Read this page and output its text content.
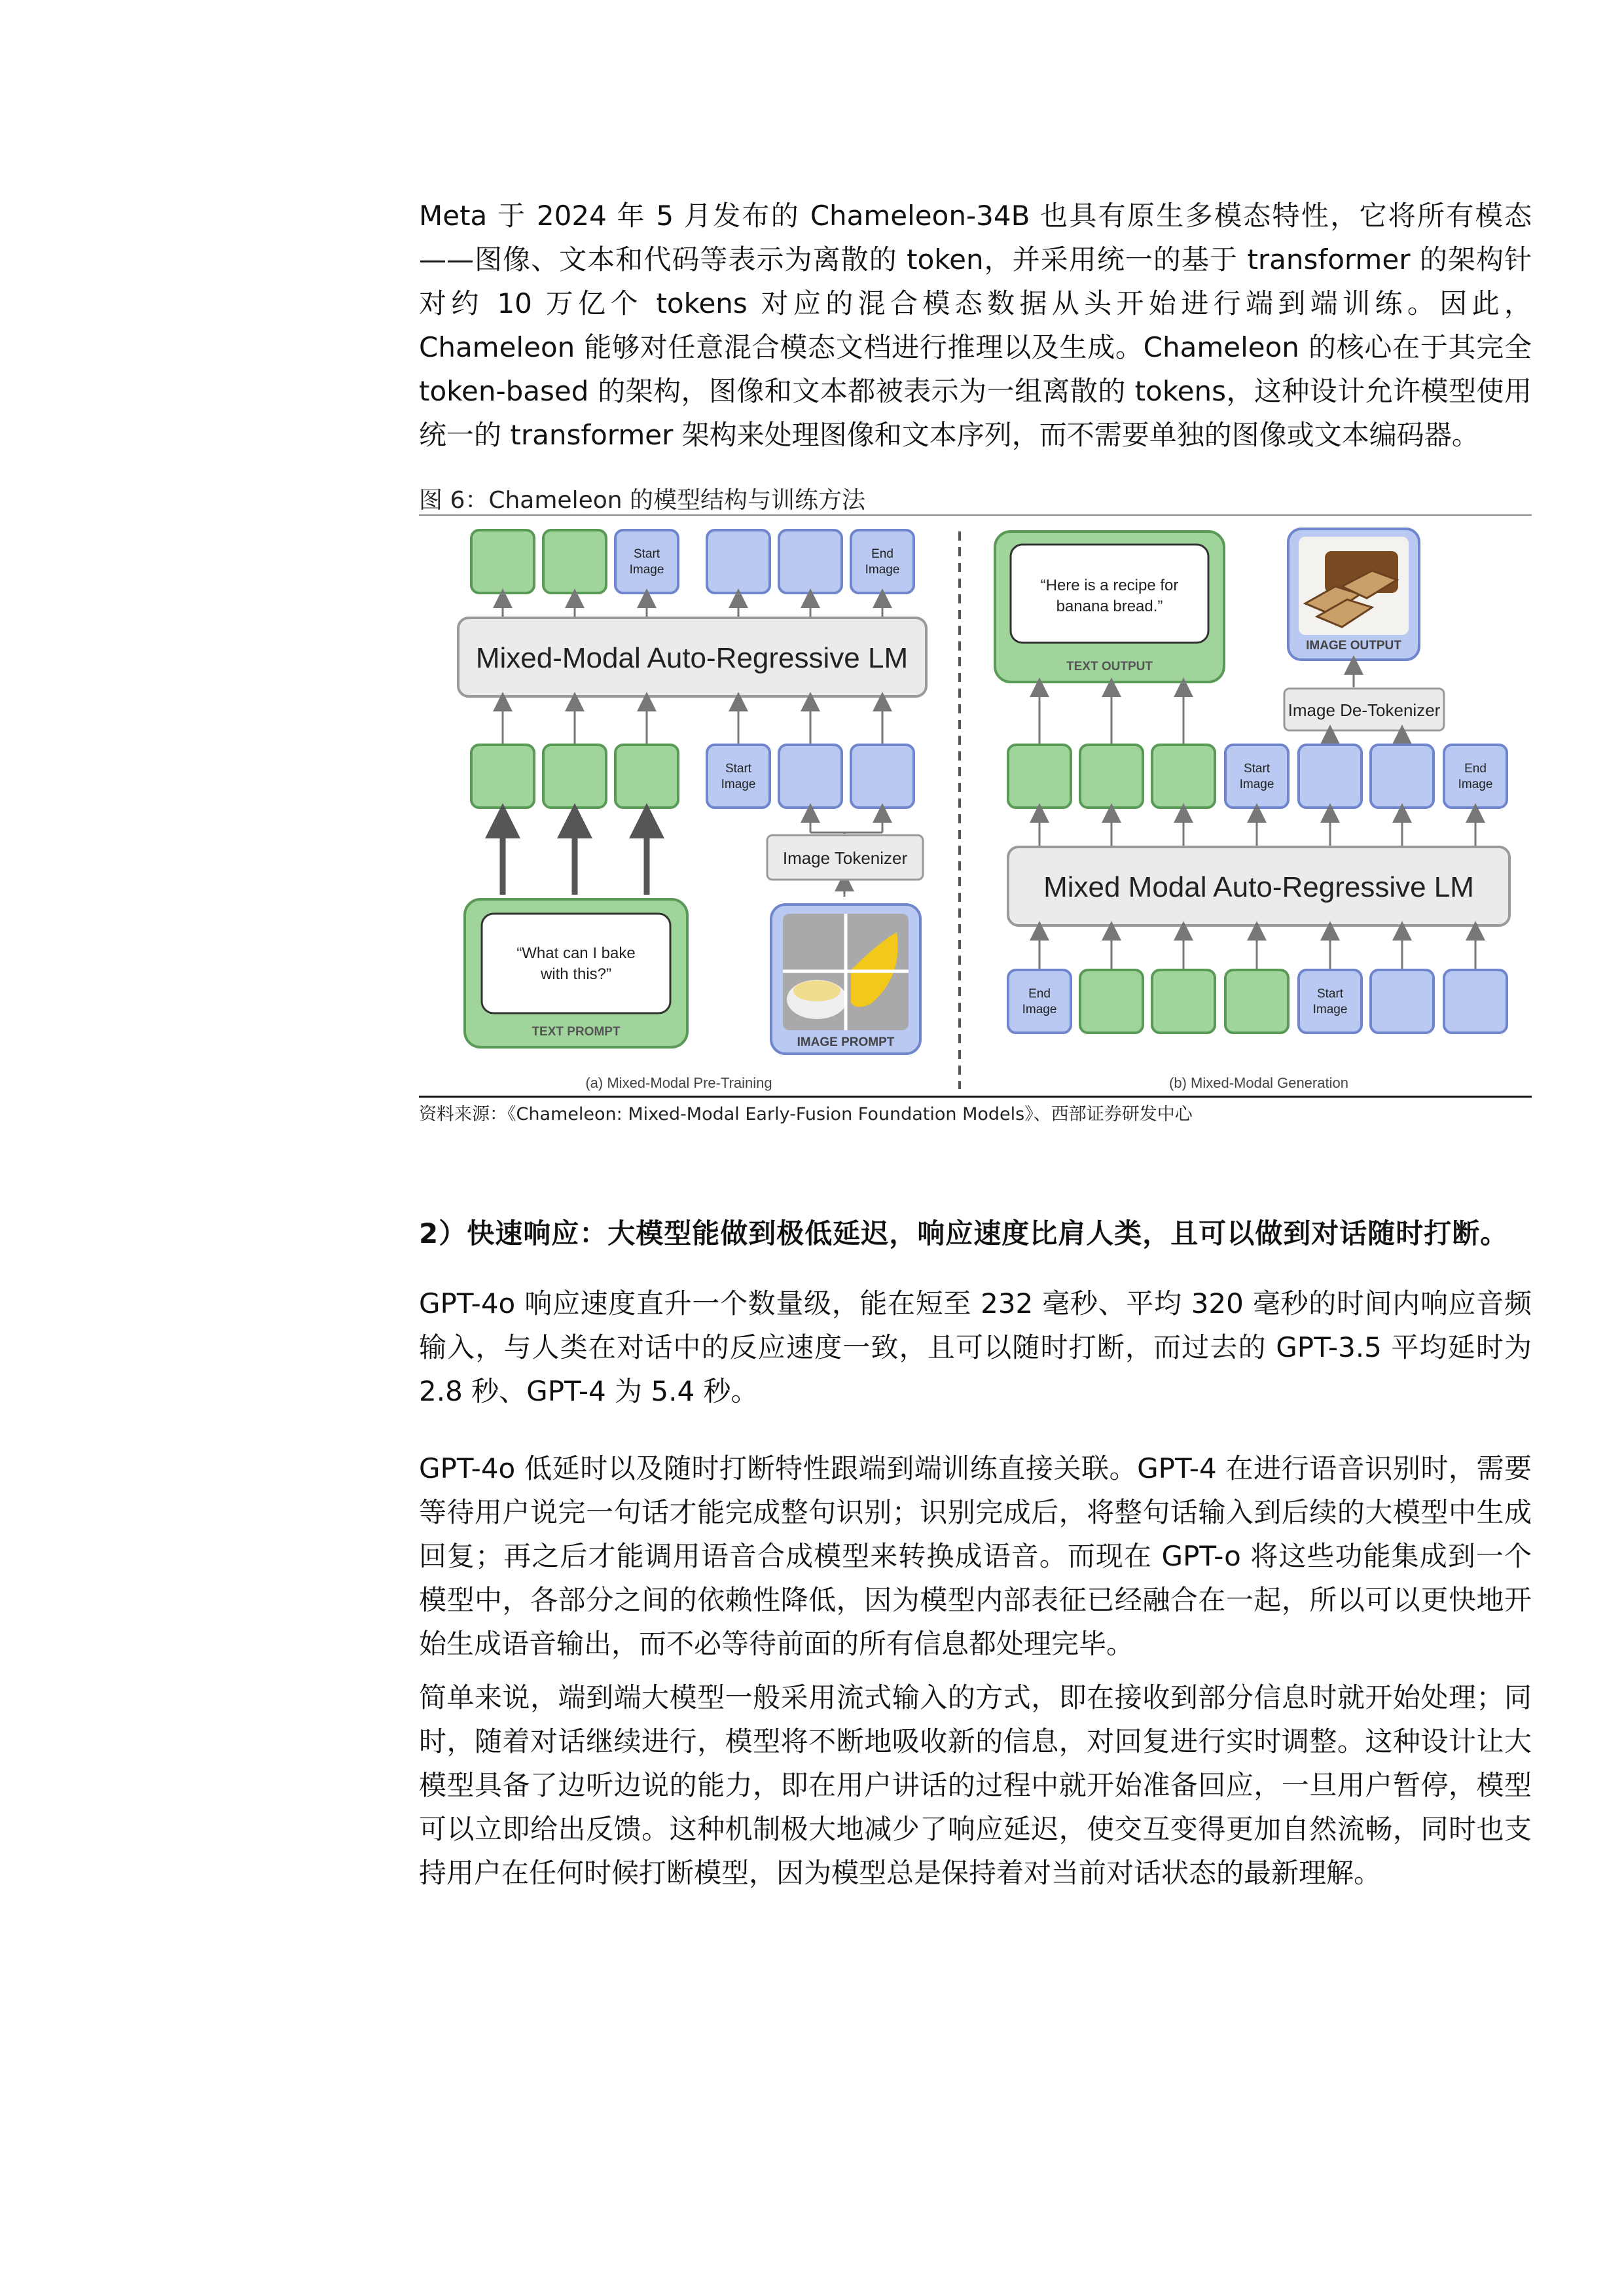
Meta 于 2024 年 5 月发布的 Chameleon-34B 也具有原生多模态特性，它将所有模态——图像、文本和代码等表示为离散的 token，并采用统一的基于 transformer 的架构针对约 10 万亿个 tokens 对应的混合模态数据从头开始进行端到端训练。因此，Chameleon 能够对任意混合模态文档进行推理以及生成。Chameleon 的核心在于其完全 token-based 的架构，图像和文本都被表示为一组离散的 tokens，这种设计允许模型使用统一的 transformer 架构来处理图像和文本序列，而不需要单独的图像或文本编码器。

图 6：Chameleon 的模型结构与训练方法
Start
Image
End
Image
Mixed-Modal Auto-Regressive LM
Start
Image
Image Tokenizer
“What can I bake
with this?”
TEXT PROMPT
IMAGE PROMPT
(a) Mixed-Modal Pre-Training
“Here is a recipe for
banana bread.”
TEXT OUTPUT
IMAGE OUTPUT
Image De-Tokenizer
Start
Image
End
Image
Mixed Modal Auto-Regressive LM
End
Image
Start
Image
(b) Mixed-Modal Generation
资料来源：《Chameleon: Mixed-Modal Early-Fusion Foundation Models》、西部证券研发中心
2）快速响应：大模型能做到极低延迟，响应速度比肩人类，且可以做到对话随时打断。

GPT-4o 响应速度直升一个数量级，能在短至 232 毫秒、平均 320 毫秒的时间内响应音频输入，与人类在对话中的反应速度一致，且可以随时打断，而过去的 GPT-3.5 平均延时为 2.8 秒、GPT-4 为 5.4 秒。

GPT-4o 低延时以及随时打断特性跟端到端训练直接关联。GPT-4 在进行语音识别时，需要等待用户说完一句话才能完成整句识别；识别完成后，将整句话输入到后续的大模型中生成回复；再之后才能调用语音合成模型来转换成语音。而现在 GPT-o 将这些功能集成到一个模型中，各部分之间的依赖性降低，因为模型内部表征已经融合在一起，所以可以更快地开始生成语音输出，而不必等待前面的所有信息都处理完毕。

简单来说，端到端大模型一般采用流式输入的方式，即在接收到部分信息时就开始处理；同时，随着对话继续进行，模型将不断地吸收新的信息，对回复进行实时调整。这种设计让大模型具备了边听边说的能力，即在用户讲话的过程中就开始准备回应，一旦用户暂停，模型可以立即给出反馈。这种机制极大地减少了响应延迟，使交互变得更加自然流畅，同时也支持用户在任何时候打断模型，因为模型总是保持着对当前对话状态的最新理解。
